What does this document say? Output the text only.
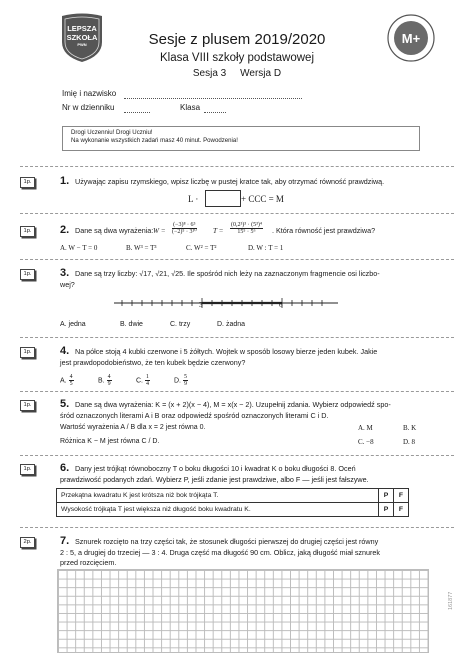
LEPSZA
SZKOŁA
PWN	M+
Sesje z plusem 2019/2020
Klasa VIII szkoły podstawowej
Sesja 3 Wersja D
Imię i nazwisko
Nr w dzienniku	Klasa
Drogi Uczenniu! Drogi Uczniu!
Na wykonanie wszystkich zadań masz 40 minut. Powodzenia!
1p.	1. Używając zapisu rzymskiego, wpisz liczbę w pustej kratce tak, aby otrzymać równość prawdziwą.
L ·	+ CCC = M
1p.	2. Dane są dwa wyrażenia: $W = \frac{\text{(−3)⁸ · 6⁵}}{\text{(−2)⁵ · 3¹⁰}}$ $T = \frac{\text{(0,2³)³ · (5³)⁴}}{\text{15⁵ · 5⁶}}$ . Która równość jest prawdziwa?
A. W − T = 0	B. W³ = T³	C. W² = T²	D. W : T = 1
1p.	3. Dane są trzy liczby: √17, √21, √25. Ile spośród nich leży na zaznaczonym fragmencie osi liczbo-
wej?
3	6
A. jedna	B. dwie	C. trzy	D. żadna
1p.	4. Na półce stoją 4 kubki czerwone i 5 żółtych. Wojtek w sposób losowy bierze jeden kubek. Jakie
jest prawdopodobieństwo, że ten kubek będzie czerwony?
A. $\frac{4}{5}$	B. $\frac{4}{9}$	C. $\frac{1}{4}$	D. $\frac{5}{9}$
1p.	5. Dane są dwa wyrażenia: K = (x + 2)(x − 4), M = x(x − 2). Uzupełnij zdania. Wybierz odpowiedź spo-
śród oznaczonych literami A i B oraz odpowiedź spośród oznaczonych literami C i D.
Wartość wyrażenia A / B dla x = 2 jest równa 0.
Różnica K − M jest równa C / D.
A. M	B. K
C. −8	D. 8
1p.	6. Dany jest trójkąt równoboczny T o boku długości 10 i kwadrat K o boku długości 8. Oceń
prawdziwość podanych zdań. Wybierz P, jeśli zdanie jest prawdziwe, albo F — jeśli jest fałszywe.
Przekątna kwadratu K jest krótsza niż bok trójkąta T.	P	F
Wysokość trójkąta T jest większa niż długość boku kwadratu K.	P	F
2p.	7. Sznurek rozcięto na trzy części tak, że stosunek długości pierwszej do drugiej części jest równy
2 : 5, a drugiej do trzeciej — 3 : 4. Druga część ma długość 90 cm. Oblicz, jaką długość miał sznurek
przed rozcięciem.
161877
